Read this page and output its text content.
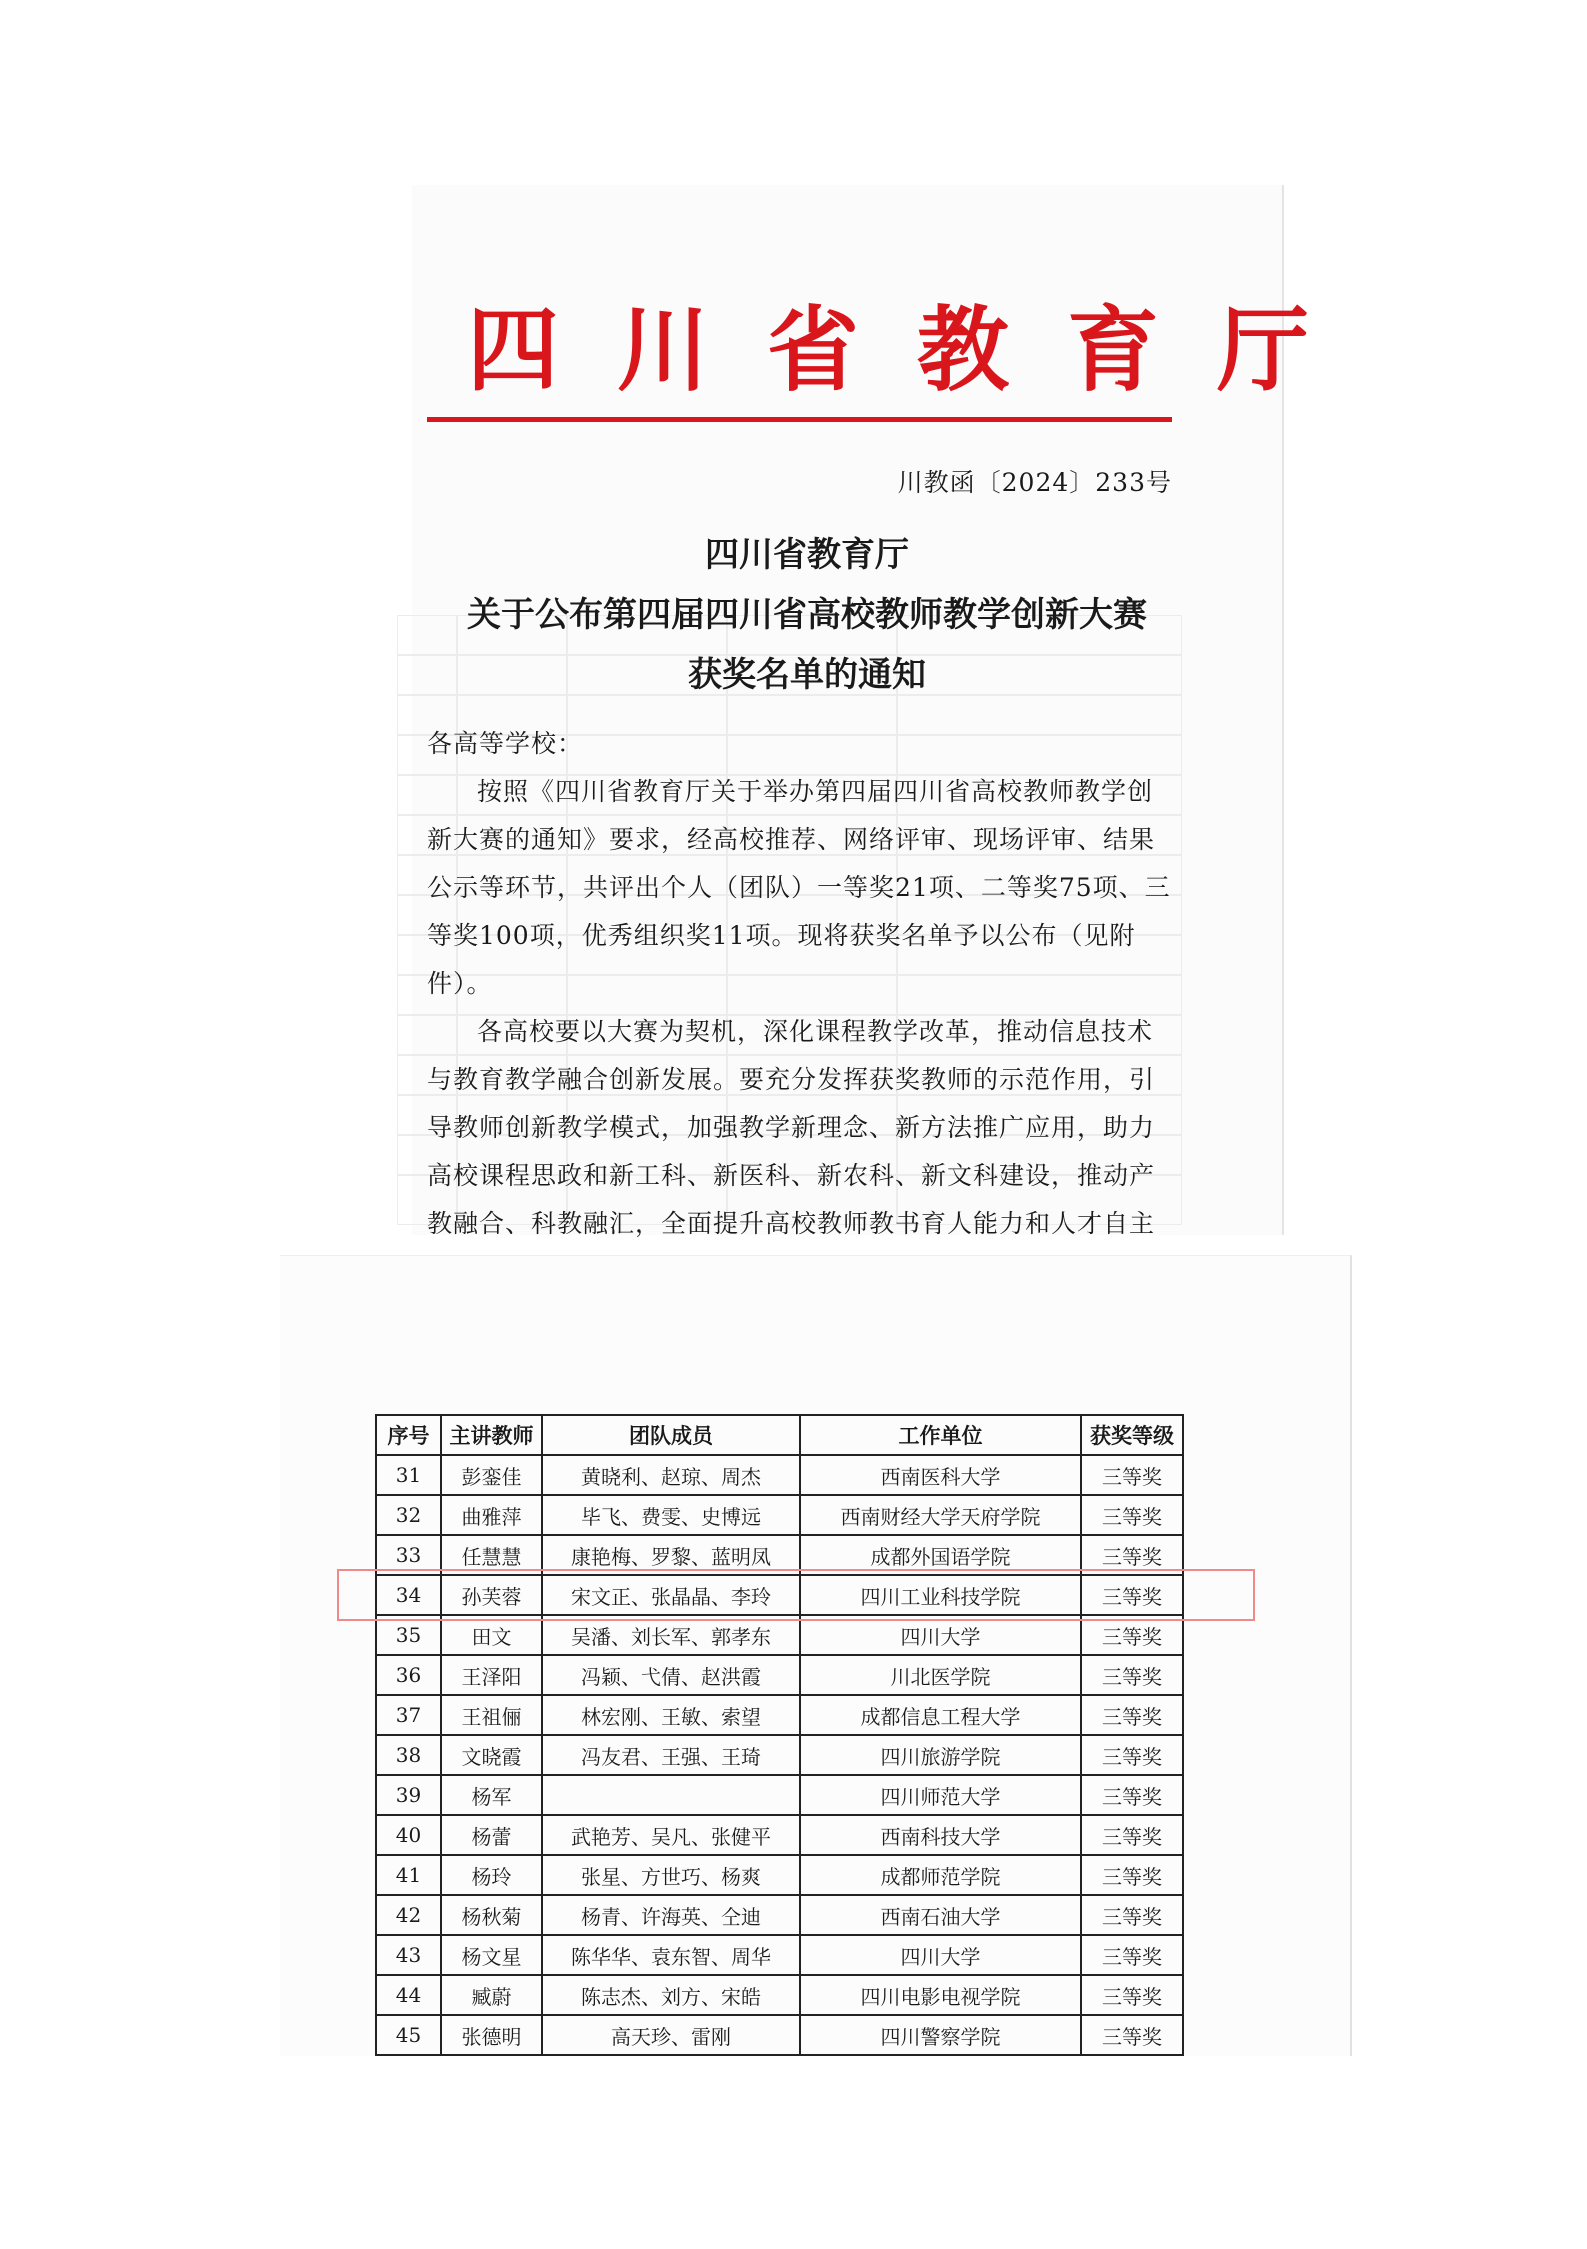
四川省教育厅
川教函〔2024〕233号
四川省教育厅
关于公布第四届四川省高校教师教学创新大赛
获奖名单的通知

各高等学校：

按照《四川省教育厅关于举办第四届四川省高校教师教学创新大赛的通知》要求，经高校推荐、网络评审、现场评审、结果公示等环节，共评出个人（团队）一等奖21项、二等奖75项、三等奖100项，优秀组织奖11项。现将获奖名单予以公布（见附件）。

各高校要以大赛为契机，深化课程教学改革，推动信息技术与教育教学融合创新发展。要充分发挥获奖教师的示范作用，引导教师创新教学模式，加强教学新理念、新方法推广应用，助力高校课程思政和新工科、新医科、新农科、新文科建设，推动产教融合、科教融汇，全面提升高校教师教书育人能力和人才自主

序号	主讲教师	团队成员	工作单位	获奖等级
31	彭銮佳	黄晓利、赵琼、周杰	西南医科大学	三等奖
32	曲雅萍	毕飞、费雯、史博远	西南财经大学天府学院	三等奖
33	任慧慧	康艳梅、罗黎、蓝明凤	成都外国语学院	三等奖
34	孙芙蓉	宋文正、张晶晶、李玲	四川工业科技学院	三等奖
35	田文	吴潘、刘长军、郭孝东	四川大学	三等奖
36	王泽阳	冯颖、弋倩、赵洪霞	川北医学院	三等奖
37	王祖俪	林宏刚、王敏、索望	成都信息工程大学	三等奖
38	文晓霞	冯友君、王强、王琦	四川旅游学院	三等奖
39	杨军		四川师范大学	三等奖
40	杨蕾	武艳芳、吴凡、张健平	西南科技大学	三等奖
41	杨玲	张星、方世巧、杨爽	成都师范学院	三等奖
42	杨秋菊	杨青、许海英、仝迪	西南石油大学	三等奖
43	杨文星	陈华华、袁东智、周华	四川大学	三等奖
44	臧蔚	陈志杰、刘方、宋皓	四川电影电视学院	三等奖
45	张德明	高天珍、雷刚	四川警察学院	三等奖
